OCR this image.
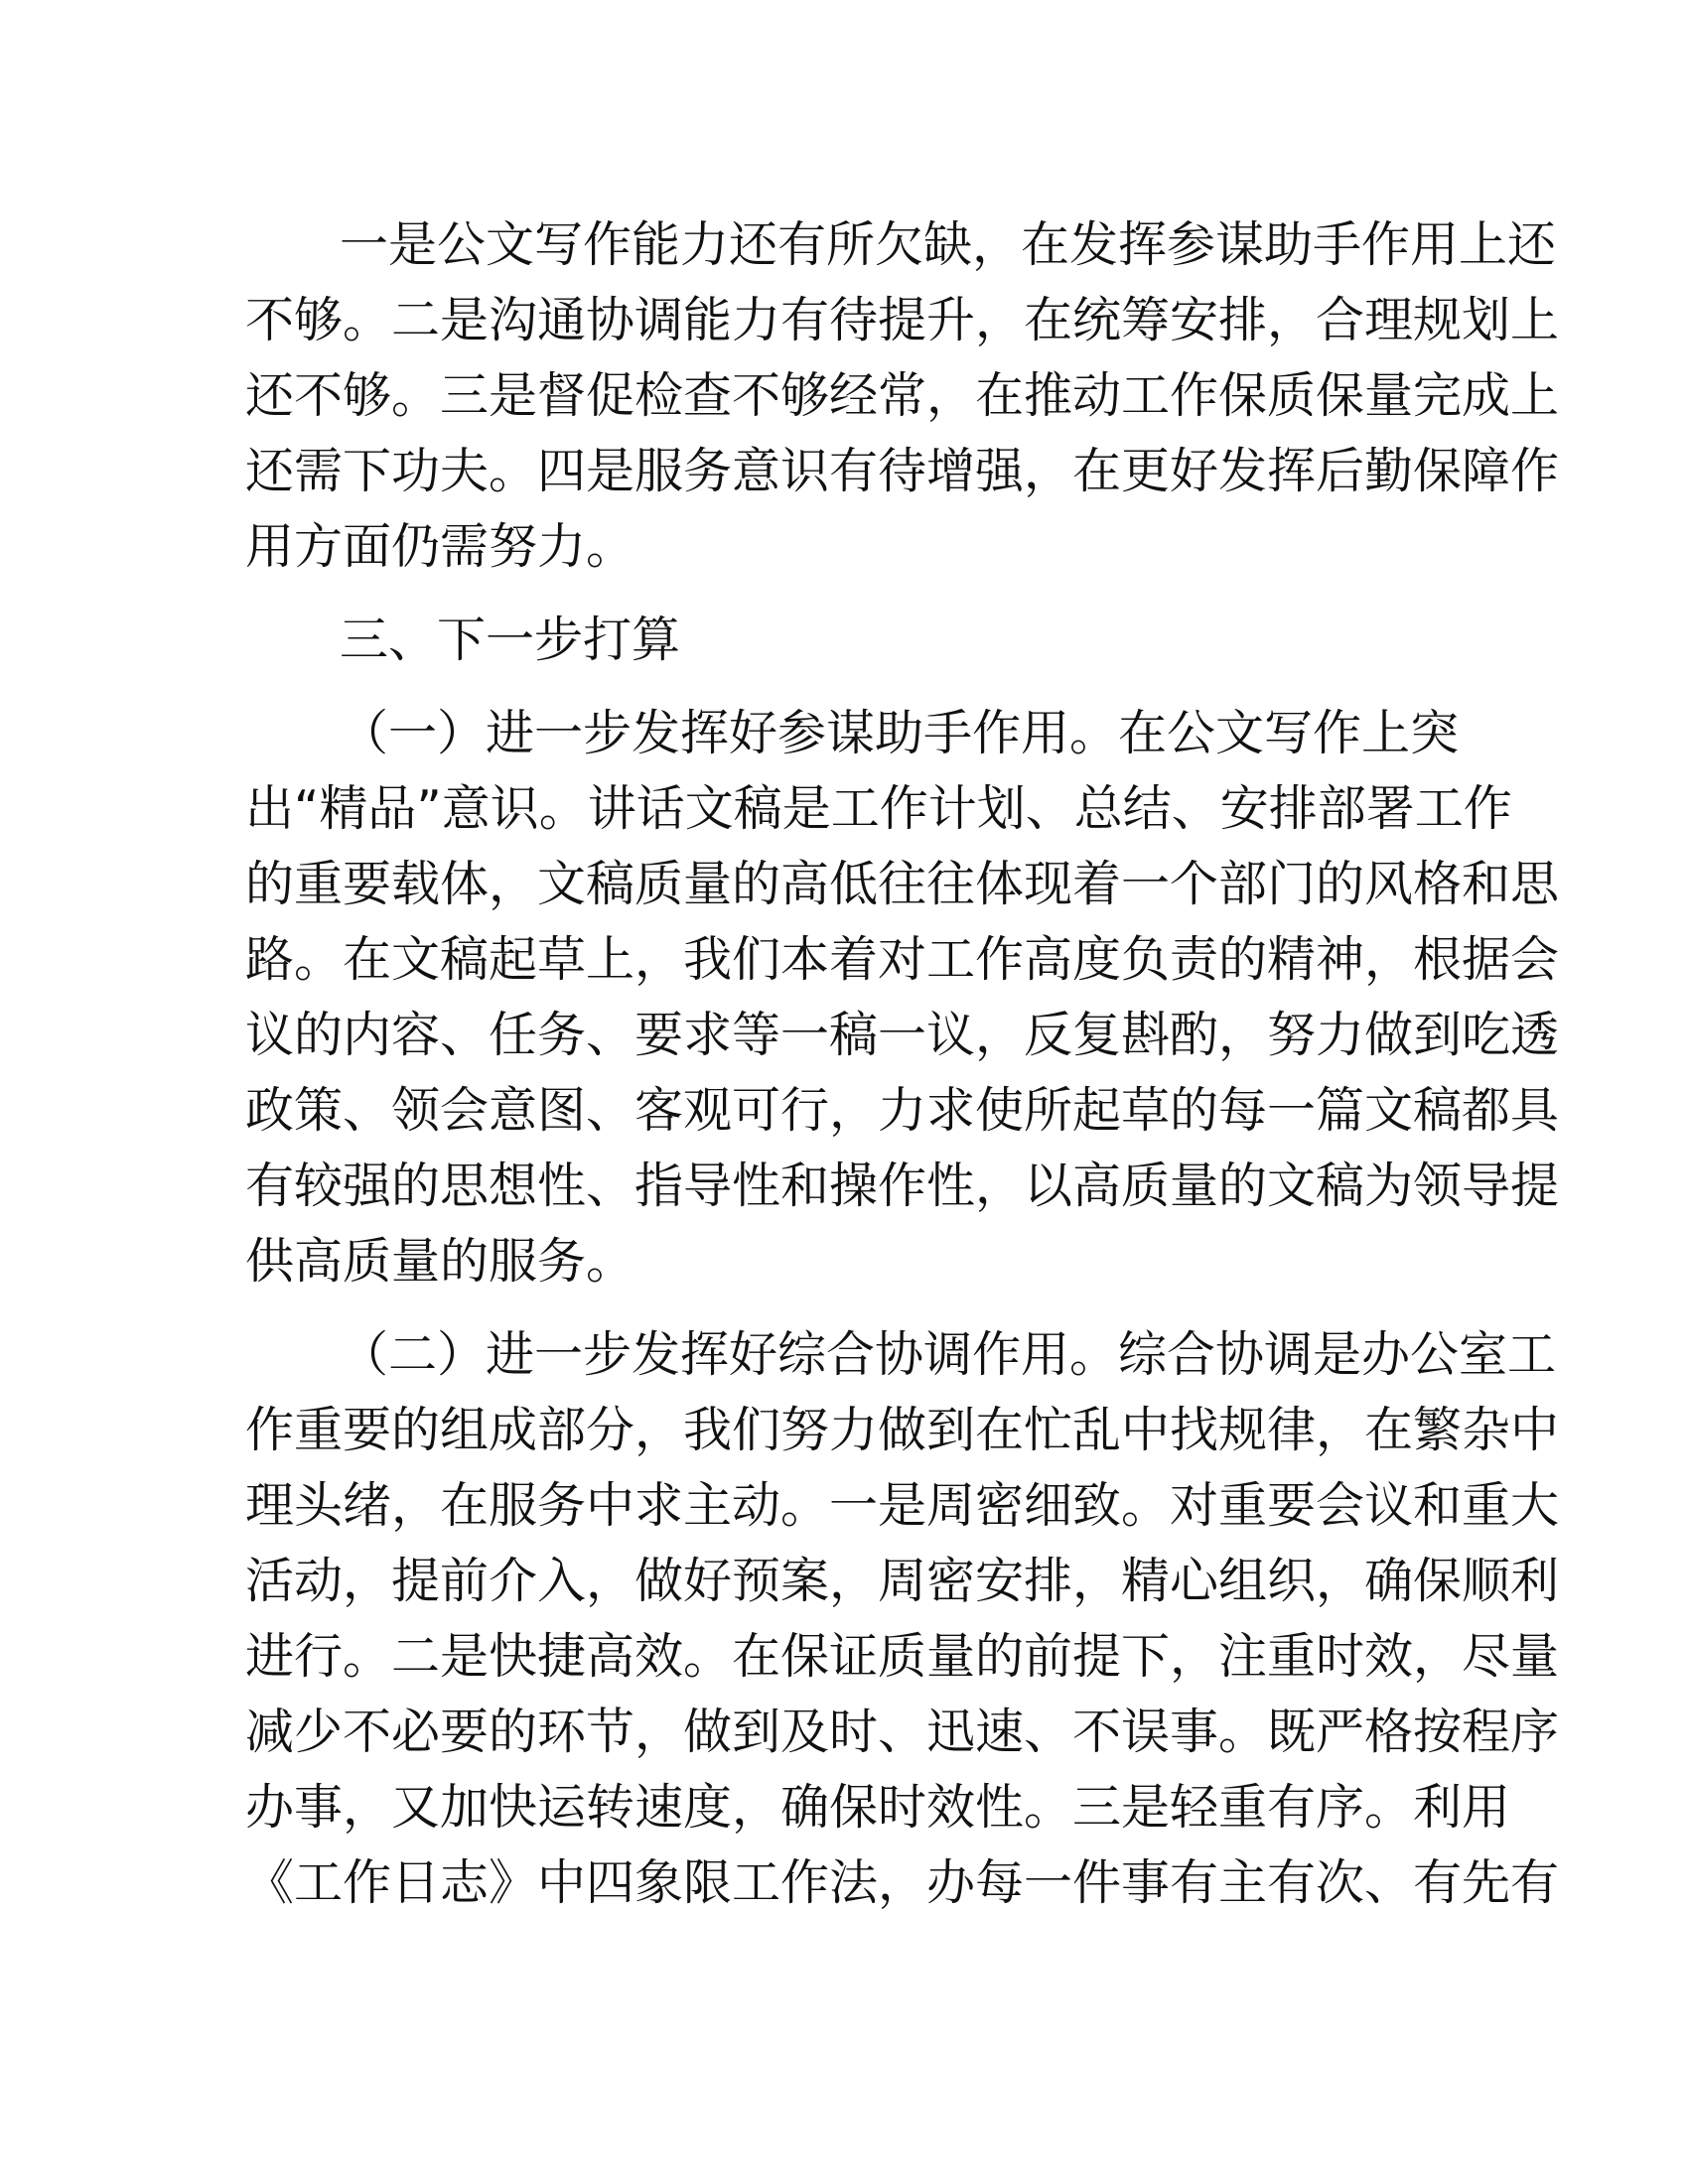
一是公文写作能力还有所欠缺，在发挥参谋助手作用上还
不够。二是沟通协调能力有待提升，在统筹安排，合理规划上
还不够。三是督促检查不够经常，在推动工作保质保量完成上
还需下功夫。四是服务意识有待增强，在更好发挥后勤保障作
用方面仍需努力。
三、下一步打算
（一）进一步发挥好参谋助手作用。在公文写作上突
出“精品”意识。讲话文稿是工作计划、总结、安排部署工作
的重要载体，文稿质量的高低往往体现着一个部门的风格和思
路。在文稿起草上，我们本着对工作高度负责的精神，根据会
议的内容、任务、要求等一稿一议，反复斟酌，努力做到吃透
政策、领会意图、客观可行，力求使所起草的每一篇文稿都具
有较强的思想性、指导性和操作性，以高质量的文稿为领导提
供高质量的服务。
（二）进一步发挥好综合协调作用。综合协调是办公室工
作重要的组成部分，我们努力做到在忙乱中找规律，在繁杂中
理头绪，在服务中求主动。一是周密细致。对重要会议和重大
活动，提前介入，做好预案，周密安排，精心组织，确保顺利
进行。二是快捷高效。在保证质量的前提下，注重时效，尽量
减少不必要的环节，做到及时、迅速、不误事。既严格按程序
办事，又加快运转速度，确保时效性。三是轻重有序。利用
《工作日志》中四象限工作法，办每一件事有主有次、有先有
